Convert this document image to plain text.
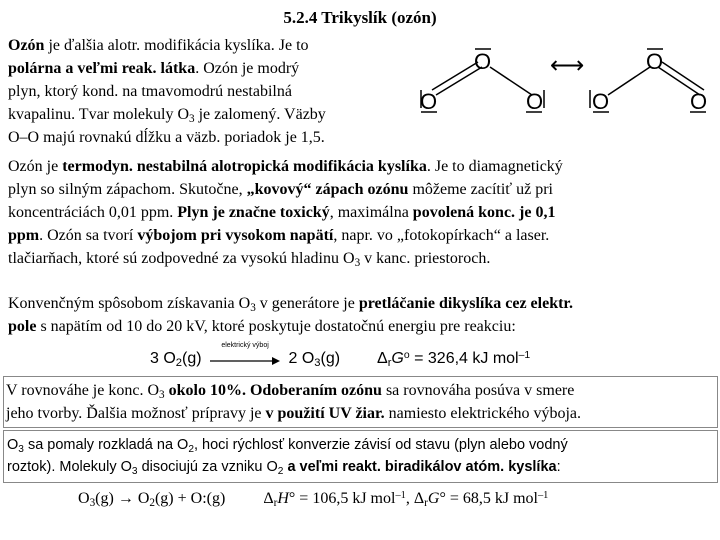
5.2.4 Trikyslík (ozón)
Ozón je ďalšia alotr. modifikácia kyslíka. Je to
polárna a veľmi reak. látka. Ozón je modrý
plyn, ktorý kond. na tmavomodrú nestabilná
kvapalinu. Tvar molekuly $O_3$ je zalomený. Väzby
O–O majú rovnakú dĺžku a väzb. poriadok je 1,5.
O
O	O
⟷	O
O	O
Ozón je termodyn. nestabilná alotropická modifikácia kyslíka. Je to diamagnetický
plyn so silným zápachom. Skutočne, „kovový“ zápach ozónu môžeme zacítiť už pri
koncentráciách 0,01 ppm. Plyn je značne toxický, maximálna povolená konc. je 0,1
ppm. Ozón sa tvorí výbojom pri vysokom napätí, napr. vo „fotokopírkach“ a laser.
tlačiarňach, ktoré sú zodpovedné za vysokú hladinu $O_3$ v kanc. priestoroch.
Konvenčným spôsobom získavania $O_3$ v generátore je pretláčanie dikyslíka cez elektr.
pole s napätím od 10 do 20 kV, ktoré poskytuje dostatočnú energiu pre reakciu:
3 $O_2(g)$
elektrický výboj
2 $O_3(g) \Delta_rG^o = 326,4$ kJ mol$^{-1}$
V rovnováhe je konc. $O_3$ okolo 10%. Odoberaním ozónu sa rovnováha posúva v smere
jeho tvorby. Ďalšia možnosť prípravy je v použití UV žiar. namiesto elektrického výboja.
$O_3$ sa pomaly rozkladá na $O_2$, hoci rýchlosť konverzie závisí od stavu (plyn alebo vodný
roztok). Molekuly $O_3$ disociujú za vzniku $O_2$ a veľmi reakt. biradikálov atóm. kyslíka:
$O_3(g) \to O_2(g)$ + O:(g) $\Delta_rH^\circ = 106,5$ kJ mol$^{-1}$, $\Delta_rG^\circ = 68,5$ kJ mol$^{-1}$
